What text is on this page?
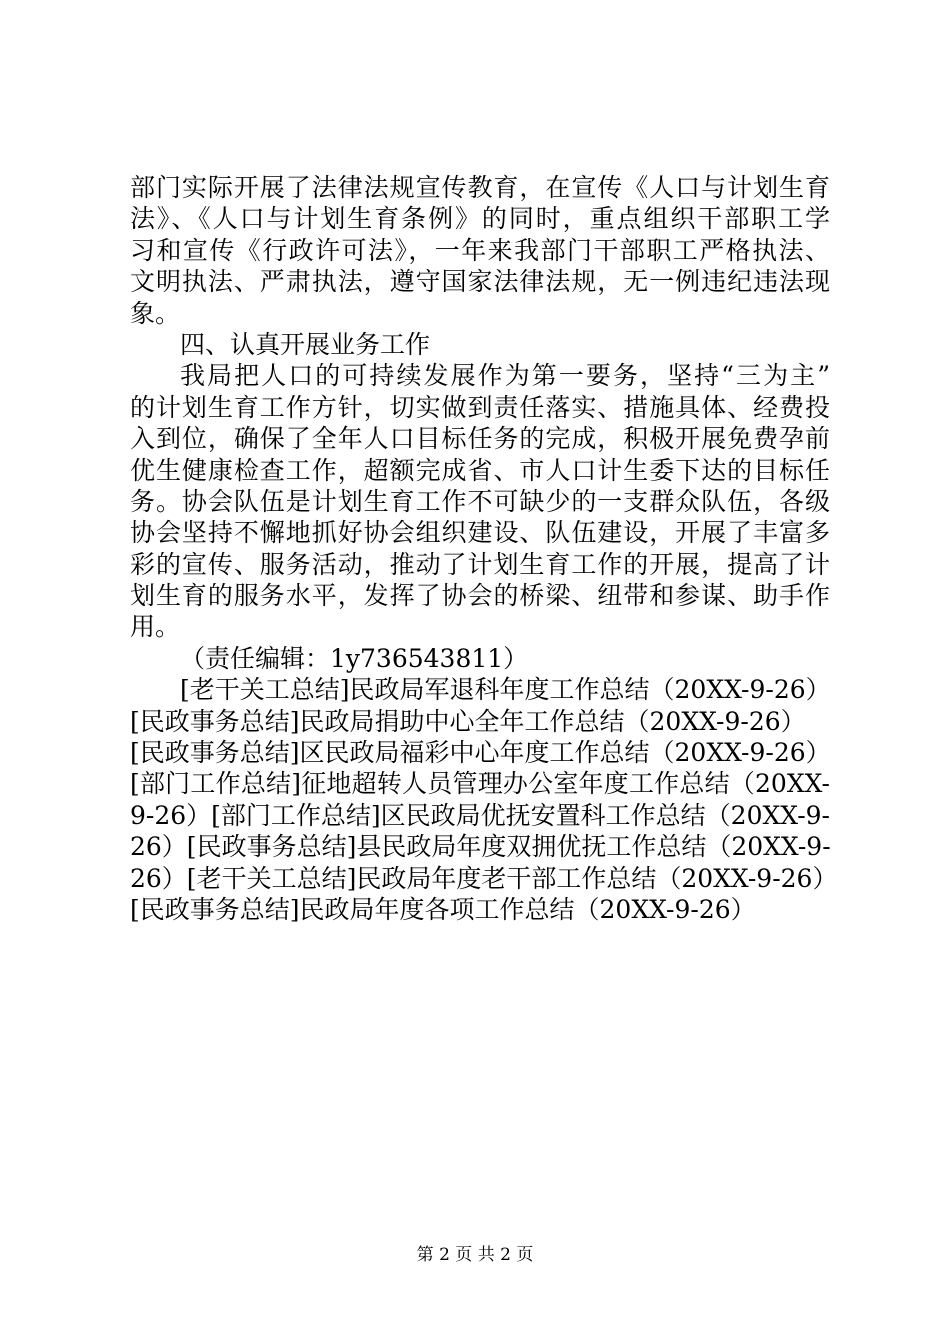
部门实际开展了法律法规宣传教育，在宣传《人口与计划生育
法》、《人口与计划生育条例》的同时，重点组织干部职工学
习和宣传《行政许可法》，一年来我部门干部职工严格执法、
文明执法、严肃执法，遵守国家法律法规，无一例违纪违法现
象。
四、认真开展业务工作
我局把人口的可持续发展作为第一要务，坚持“三为主”
的计划生育工作方针，切实做到责任落实、措施具体、经费投
入到位，确保了全年人口目标任务的完成，积极开展免费孕前
优生健康检查工作，超额完成省、市人口计生委下达的目标任
务。协会队伍是计划生育工作不可缺少的一支群众队伍，各级
协会坚持不懈地抓好协会组织建设、队伍建设，开展了丰富多
彩的宣传、服务活动，推动了计划生育工作的开展，提高了计
划生育的服务水平，发挥了协会的桥梁、纽带和参谋、助手作
用。
（责任编辑：1y736543811）
[老干关工总结]民政局军退科年度工作总结（20XX-9-26）
[民政事务总结]民政局捐助中心全年工作总结（20XX-9-26）
[民政事务总结]区民政局福彩中心年度工作总结（20XX-9-26）
[部门工作总结]征地超转人员管理办公室年度工作总结（20XX-
9-26）[部门工作总结]区民政局优抚安置科工作总结（20XX-9-
26）[民政事务总结]县民政局年度双拥优抚工作总结（20XX-9-
26）[老干关工总结]民政局年度老干部工作总结（20XX-9-26）
[民政事务总结]民政局年度各项工作总结（20XX-9-26）
第 2 页 共 2 页
